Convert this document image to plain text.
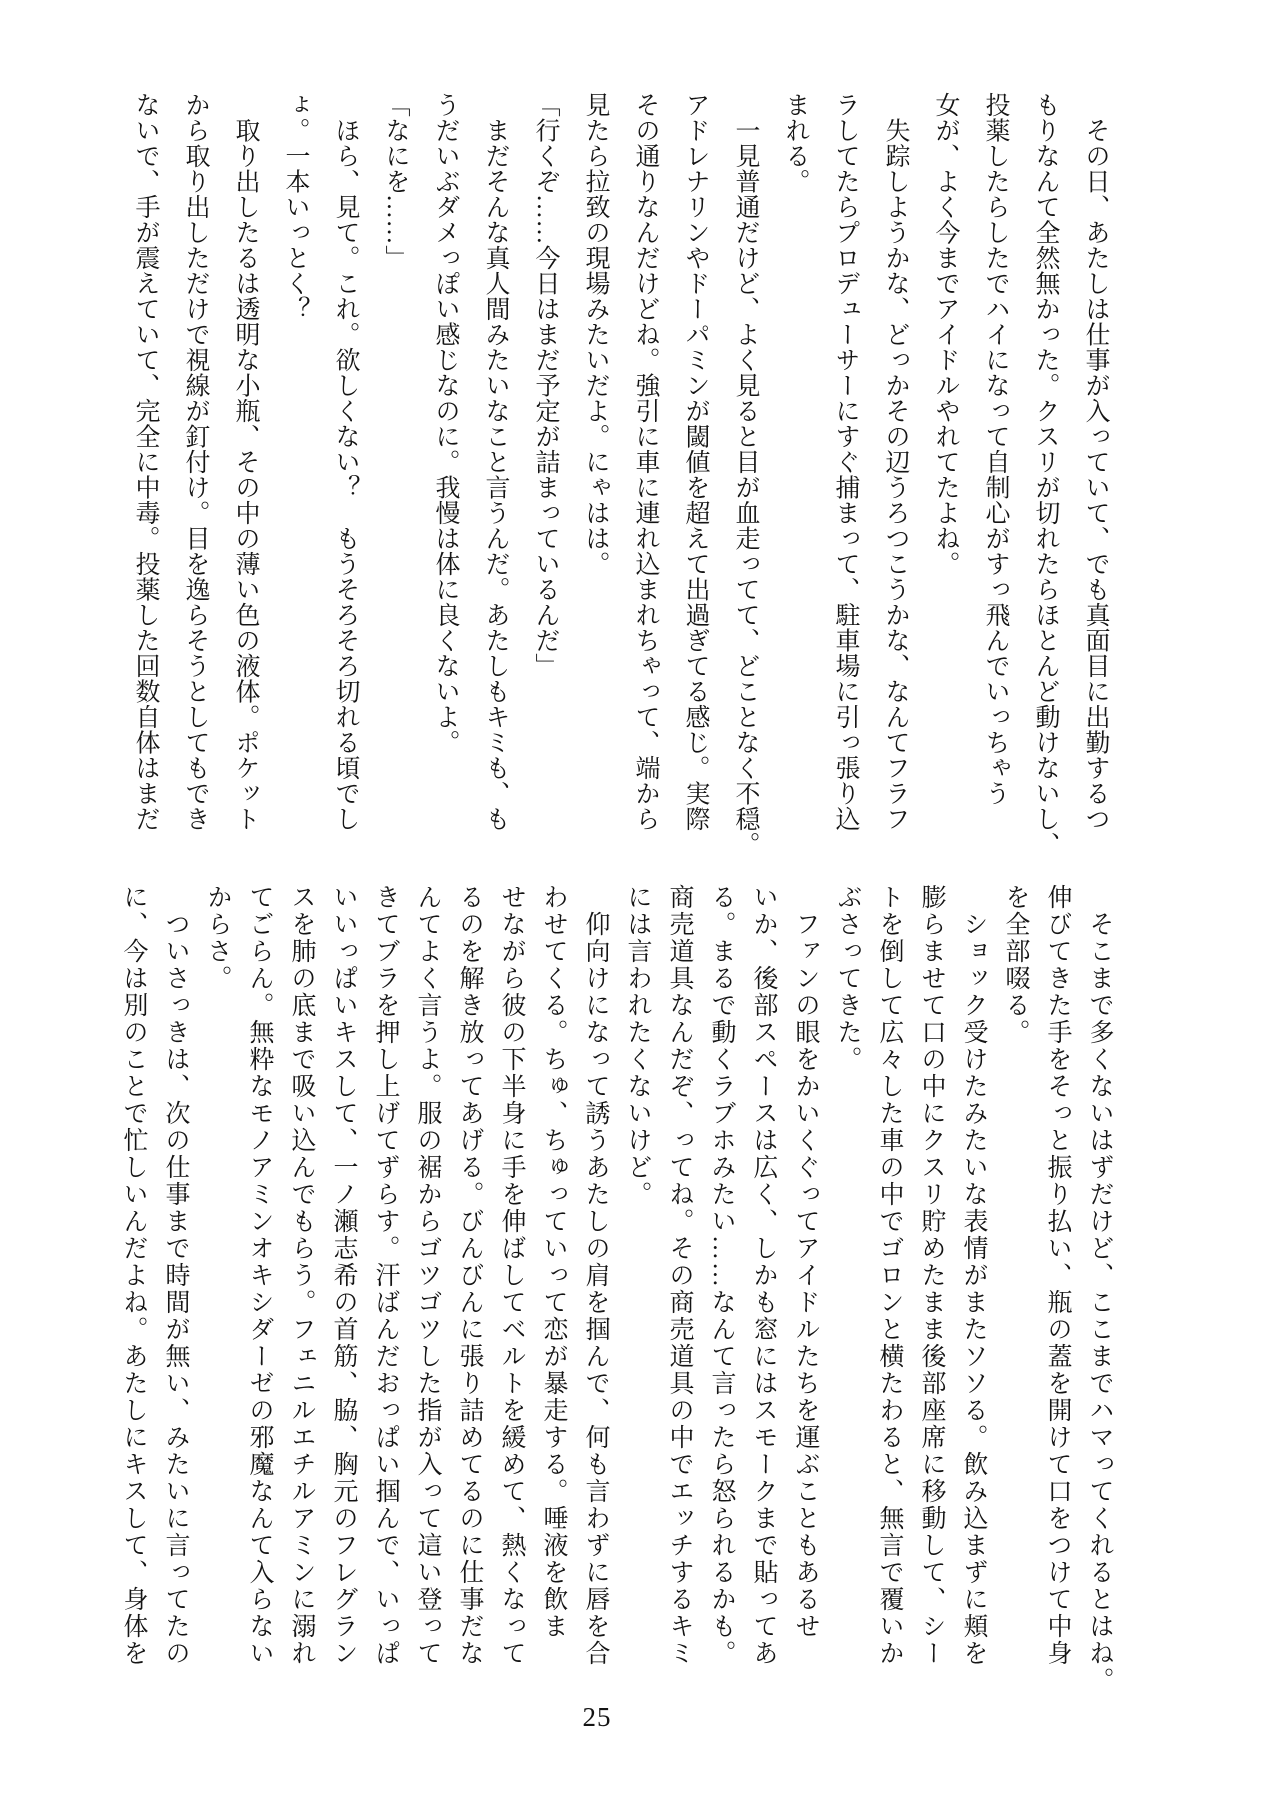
　その日、あたしは仕事が入っていて、でも真面目に出勤するつ
もりなんて全然無かった。クスリが切れたらほとんど動けないし、
投薬したらしたでハイになって自制心がすっ飛んでいっちゃう
女が、よく今までアイドルやれてたよね。
　失踪しようかな、どっかその辺うろつこうかな、なんてフラフ
ラしてたらプロデューサーにすぐ捕まって、駐車場に引っ張り込
まれる。
　一見普通だけど、よく見ると目が血走ってて、どことなく不穏。
アドレナリンやドーパミンが閾値を超えて出過ぎてる感じ。実際
その通りなんだけどね。強引に車に連れ込まれちゃって、端から
見たら拉致の現場みたいだよ。にゃはは。
「行くぞ……今日はまだ予定が詰まっているんだ」
　まだそんな真人間みたいなこと言うんだ。あたしもキミも、も
うだいぶダメっぽい感じなのに。我慢は体に良くないよ。
「なにを……」
　ほら、見て。これ。欲しくない？　もうそろそろ切れる頃でし
ょ。一本いっとく？
　取り出したるは透明な小瓶、その中の薄い色の液体。ポケット
から取り出しただけで視線が釘付け。目を逸らそうとしてもでき
ないで、手が震えていて、完全に中毒。投薬した回数自体はまだ
　そこまで多くないはずだけど、ここまでハマってくれるとはね。
伸びてきた手をそっと振り払い、瓶の蓋を開けて口をつけて中身
を全部啜る。
　ショック受けたみたいな表情がまたソソる。飲み込まずに頬を
膨らませて口の中にクスリ貯めたまま後部座席に移動して、シー
トを倒して広々した車の中でゴロンと横たわると、無言で覆いか
ぶさってきた。
　ファンの眼をかいくぐってアイドルたちを運ぶこともあるせ
いか、後部スペースは広く、しかも窓にはスモークまで貼ってあ
る。まるで動くラブホみたい……なんて言ったら怒られるかも。
商売道具なんだぞ、ってね。その商売道具の中でエッチするキミ
には言われたくないけど。
　仰向けになって誘うあたしの肩を掴んで、何も言わずに唇を合
わせてくる。ちゅ、ちゅっていって恋が暴走する。唾液を飲ま
せながら彼の下半身に手を伸ばしてベルトを緩めて、熱くなって
るのを解き放ってあげる。びんびんに張り詰めてるのに仕事だな
んてよく言うよ。服の裾からゴツゴツした指が入って這い登って
きてブラを押し上げてずらす。汗ばんだおっぱい掴んで、いっぱ
いいっぱいキスして、一ノ瀬志希の首筋、脇、胸元のフレグラン
スを肺の底まで吸い込んでもらう。フェニルエチルアミンに溺れ
てごらん。無粋なモノアミンオキシダーゼの邪魔なんて入らない
からさ。
　ついさっきは、次の仕事まで時間が無い、みたいに言ってたの
に、今は別のことで忙しいんだよね。あたしにキスして、身体を
25
